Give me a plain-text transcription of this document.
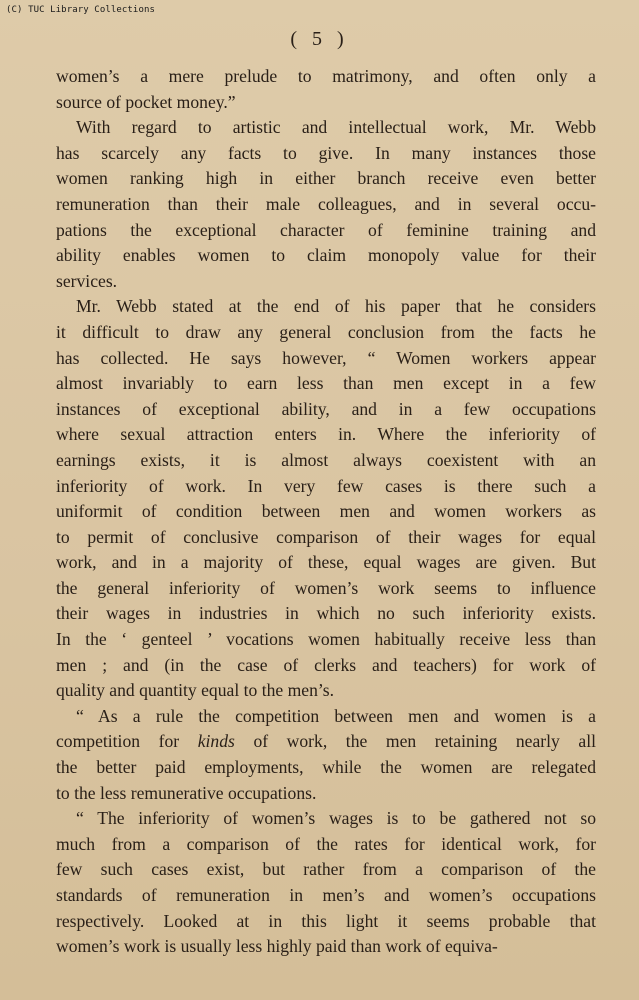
(C) TUC Library Collections
( 5 )
women’s a mere prelude to matrimony, and often only a
source of pocket money.”
With regard to artistic and intellectual work, Mr. Webb
has scarcely any facts to give. In many instances those
women ranking high in either branch receive even better
remuneration than their male colleagues, and in several occu-
pations the exceptional character of feminine training and
ability enables women to claim monopoly value for their
services.
Mr. Webb stated at the end of his paper that he considers
it difficult to draw any general conclusion from the facts he
has collected. He says however, “ Women workers appear
almost invariably to earn less than men except in a few
instances of exceptional ability, and in a few occupations
where sexual attraction enters in. Where the inferiority of
earnings exists, it is almost always coexistent with an
inferiority of work. In very few cases is there such a
uniformit of condition between men and women workers as
to permit of conclusive comparison of their wages for equal
work, and in a majority of these, equal wages are given. But
the general inferiority of women’s work seems to influence
their wages in industries in which no such inferiority exists.
In the ‘ genteel ’ vocations women habitually receive less than
men ; and (in the case of clerks and teachers) for work of
quality and quantity equal to the men’s.
“ As a rule the competition between men and women is a
competition for kinds of work, the men retaining nearly all
the better paid employments, while the women are relegated
to the less remunerative occupations.
“ The inferiority of women’s wages is to be gathered not so
much from a comparison of the rates for identical work, for
few such cases exist, but rather from a comparison of the
standards of remuneration in men’s and women’s occupations
respectively. Looked at in this light it seems probable that
women’s work is usually less highly paid than work of equiva-
